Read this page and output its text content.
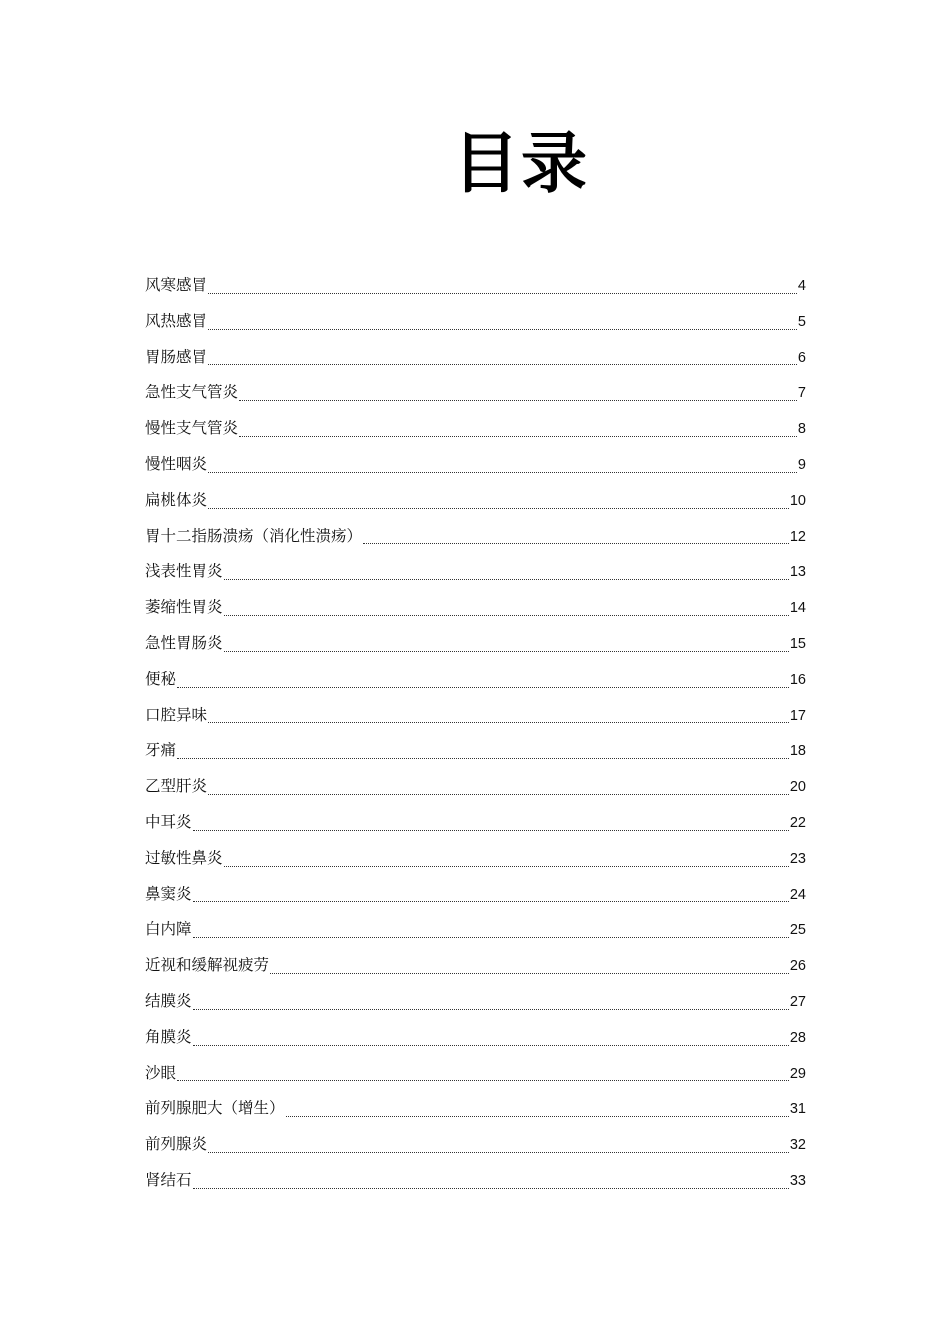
目录
风寒感冒	4
风热感冒	5
胃肠感冒	6
急性支气管炎	7
慢性支气管炎	8
慢性咽炎	9
扁桃体炎	10
胃十二指肠溃疡（消化性溃疡）	12
浅表性胃炎	13
萎缩性胃炎	14
急性胃肠炎	15
便秘	16
口腔异味	17
牙痛	18
乙型肝炎	20
中耳炎	22
过敏性鼻炎	23
鼻窦炎	24
白内障	25
近视和缓解视疲劳	26
结膜炎	27
角膜炎	28
沙眼	29
前列腺肥大（增生）	31
前列腺炎	32
肾结石	33
